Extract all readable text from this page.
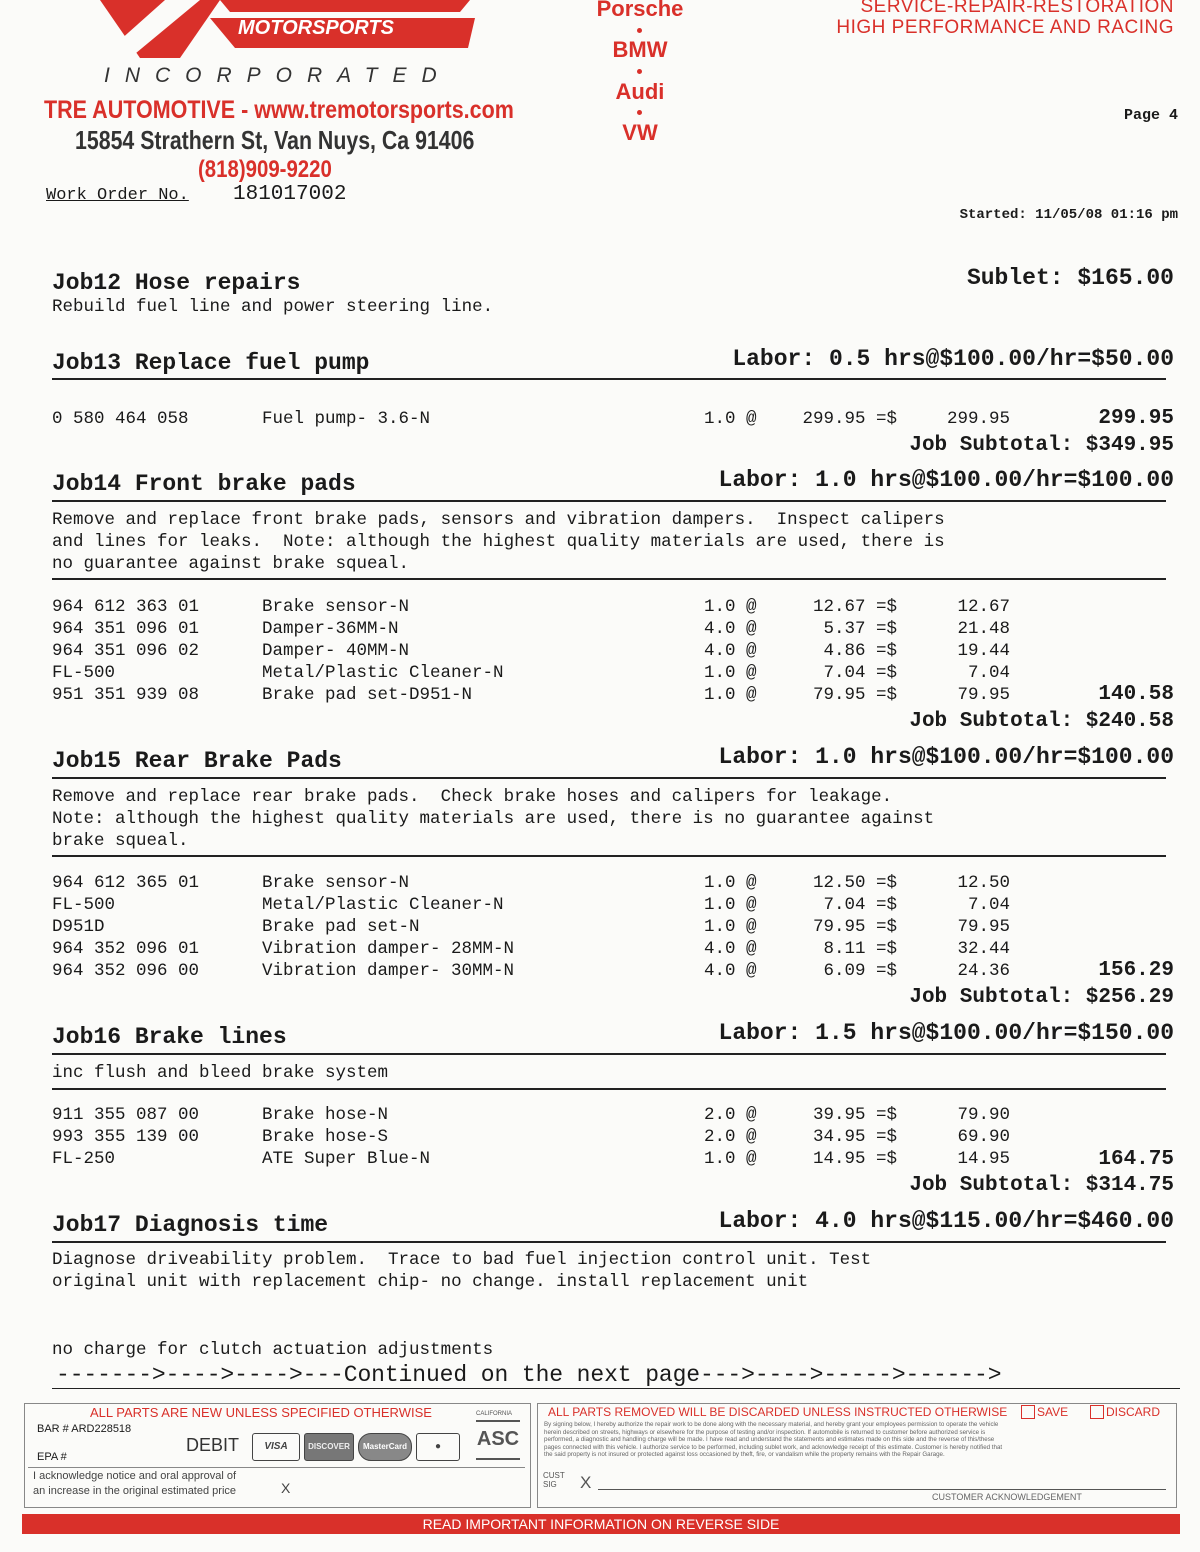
MOTORSPORTS
INCORPORATED
TRE AUTOMOTIVE - www.tremotorsports.com
15854 Strathern St, Van Nuys, Ca 91406
(818)909-9220
Porsche
BMW
Audi
VW
SERVICE-REPAIR-RESTORATION
HIGH PERFORMANCE AND RACING
Page 4
Work Order No. 181017002
Started: 11/05/08 01:16 pm
Job12 Hose repairs	Sublet: $165.00
Rebuild fuel line and power steering line.
Job13 Replace fuel pump	Labor: 0.5 hrs@$100.00/hr=$50.00
0 580 464 058	Fuel pump- 3.6-N	1.0 @	299.95 =$	299.95	299.95
Job Subtotal: $349.95
Job14 Front brake pads	Labor: 1.0 hrs@$100.00/hr=$100.00
Remove and replace front brake pads, sensors and vibration dampers.  Inspect calipers
and lines for leaks.  Note: although the highest quality materials are used, there is
no guarantee against brake squeal.
964 612 363 01	Brake sensor-N	1.0 @	12.67 =$	12.67
964 351 096 01	Damper-36MM-N	4.0 @	5.37 =$	21.48
964 351 096 02	Damper- 40MM-N	4.0 @	4.86 =$	19.44
FL-500	Metal/Plastic Cleaner-N	1.0 @	7.04 =$	7.04
951 351 939 08	Brake pad set-D951-N	1.0 @	79.95 =$	79.95	140.58
Job Subtotal: $240.58
Job15 Rear Brake Pads	Labor: 1.0 hrs@$100.00/hr=$100.00
Remove and replace rear brake pads.  Check brake hoses and calipers for leakage.
Note: although the highest quality materials are used, there is no guarantee against
brake squeal.
964 612 365 01	Brake sensor-N	1.0 @	12.50 =$	12.50
FL-500	Metal/Plastic Cleaner-N	1.0 @	7.04 =$	7.04
D951D	Brake pad set-N	1.0 @	79.95 =$	79.95
964 352 096 01	Vibration damper- 28MM-N	4.0 @	8.11 =$	32.44
964 352 096 00	Vibration damper- 30MM-N	4.0 @	6.09 =$	24.36	156.29
Job Subtotal: $256.29
Job16 Brake lines	Labor: 1.5 hrs@$100.00/hr=$150.00
inc flush and bleed brake system
911 355 087 00	Brake hose-N	2.0 @	39.95 =$	79.90
993 355 139 00	Brake hose-S	2.0 @	34.95 =$	69.90
FL-250	ATE Super Blue-N	1.0 @	14.95 =$	14.95	164.75
Job Subtotal: $314.75
Job17 Diagnosis time	Labor: 4.0 hrs@$115.00/hr=$460.00
Diagnose driveability problem.  Trace to bad fuel injection control unit. Test
original unit with replacement chip- no change. install replacement unit
no charge for clutch actuation adjustments
------->---->---->---Continued on the next page--->---->----->------>
ALL PARTS ARE NEW UNLESS SPECIFIED OTHERWISE
BAR # ARD228518
EPA #
DEBIT	VISA	DISCOVER	MasterCard	●
CALIFORNIA
ASC
I acknowledge notice and oral approval of
an increase in the original estimated price	X
ALL PARTS REMOVED WILL BE DISCARDED UNLESS INSTRUCTED OTHERWISE SAVE	DISCARD
By signing below, I hereby authorize the repair work to be done along with the necessary material, and hereby grant your employees permission to operate the vehicle
herein described on streets, highways or elsewhere for the purpose of testing and/or inspection. If automobile is returned to customer before authorized service is
performed, a diagnostic and handling charge will be made. I have read and understand the statements and estimates made on this side and the reverse of this/these
pages connected with this vehicle. I authorize service to be performed, including sublet work, and acknowledge receipt of this estimate. Customer is hereby notified that
the said property is not insured or protected against loss occasioned by theft, fire, or vandalism while the property remains with the Repair Garage.
CUST SIG	X
CUSTOMER ACKNOWLEDGEMENT
READ IMPORTANT INFORMATION ON REVERSE SIDE
